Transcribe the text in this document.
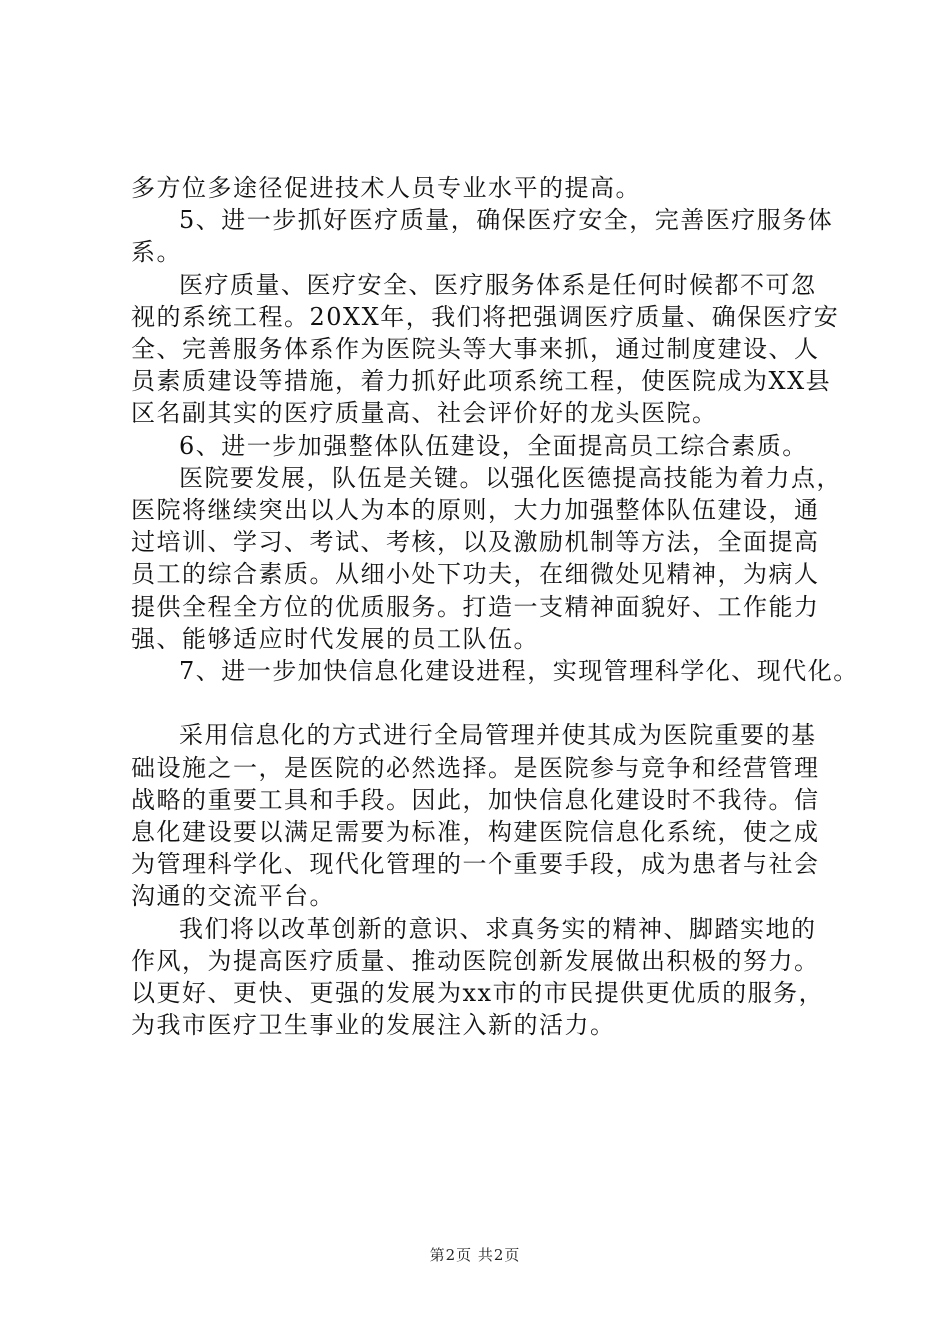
多方位多途径促进技术人员专业水平的提高。
5、进一步抓好医疗质量，确保医疗安全，完善医疗服务体
系。
医疗质量、医疗安全、医疗服务体系是任何时候都不可忽
视的系统工程。20XX年，我们将把强调医疗质量、确保医疗安
全、完善服务体系作为医院头等大事来抓，通过制度建设、人
员素质建设等措施，着力抓好此项系统工程，使医院成为XX县
区名副其实的医疗质量高、社会评价好的龙头医院。
6、进一步加强整体队伍建设，全面提高员工综合素质。
医院要发展，队伍是关键。以强化医德提高技能为着力点，
医院将继续突出以人为本的原则，大力加强整体队伍建设，通
过培训、学习、考试、考核，以及激励机制等方法，全面提高
员工的综合素质。从细小处下功夫，在细微处见精神，为病人
提供全程全方位的优质服务。打造一支精神面貌好、工作能力
强、能够适应时代发展的员工队伍。
7、进一步加快信息化建设进程，实现管理科学化、现代化。
采用信息化的方式进行全局管理并使其成为医院重要的基
础设施之一，是医院的必然选择。是医院参与竞争和经营管理
战略的重要工具和手段。因此，加快信息化建设时不我待。信
息化建设要以满足需要为标准，构建医院信息化系统，使之成
为管理科学化、现代化管理的一个重要手段，成为患者与社会
沟通的交流平台。
我们将以改革创新的意识、求真务实的精神、脚踏实地的
作风，为提高医疗质量、推动医院创新发展做出积极的努力。
以更好、更快、更强的发展为xx市的市民提供更优质的服务，
为我市医疗卫生事业的发展注入新的活力。
第2页 共2页
